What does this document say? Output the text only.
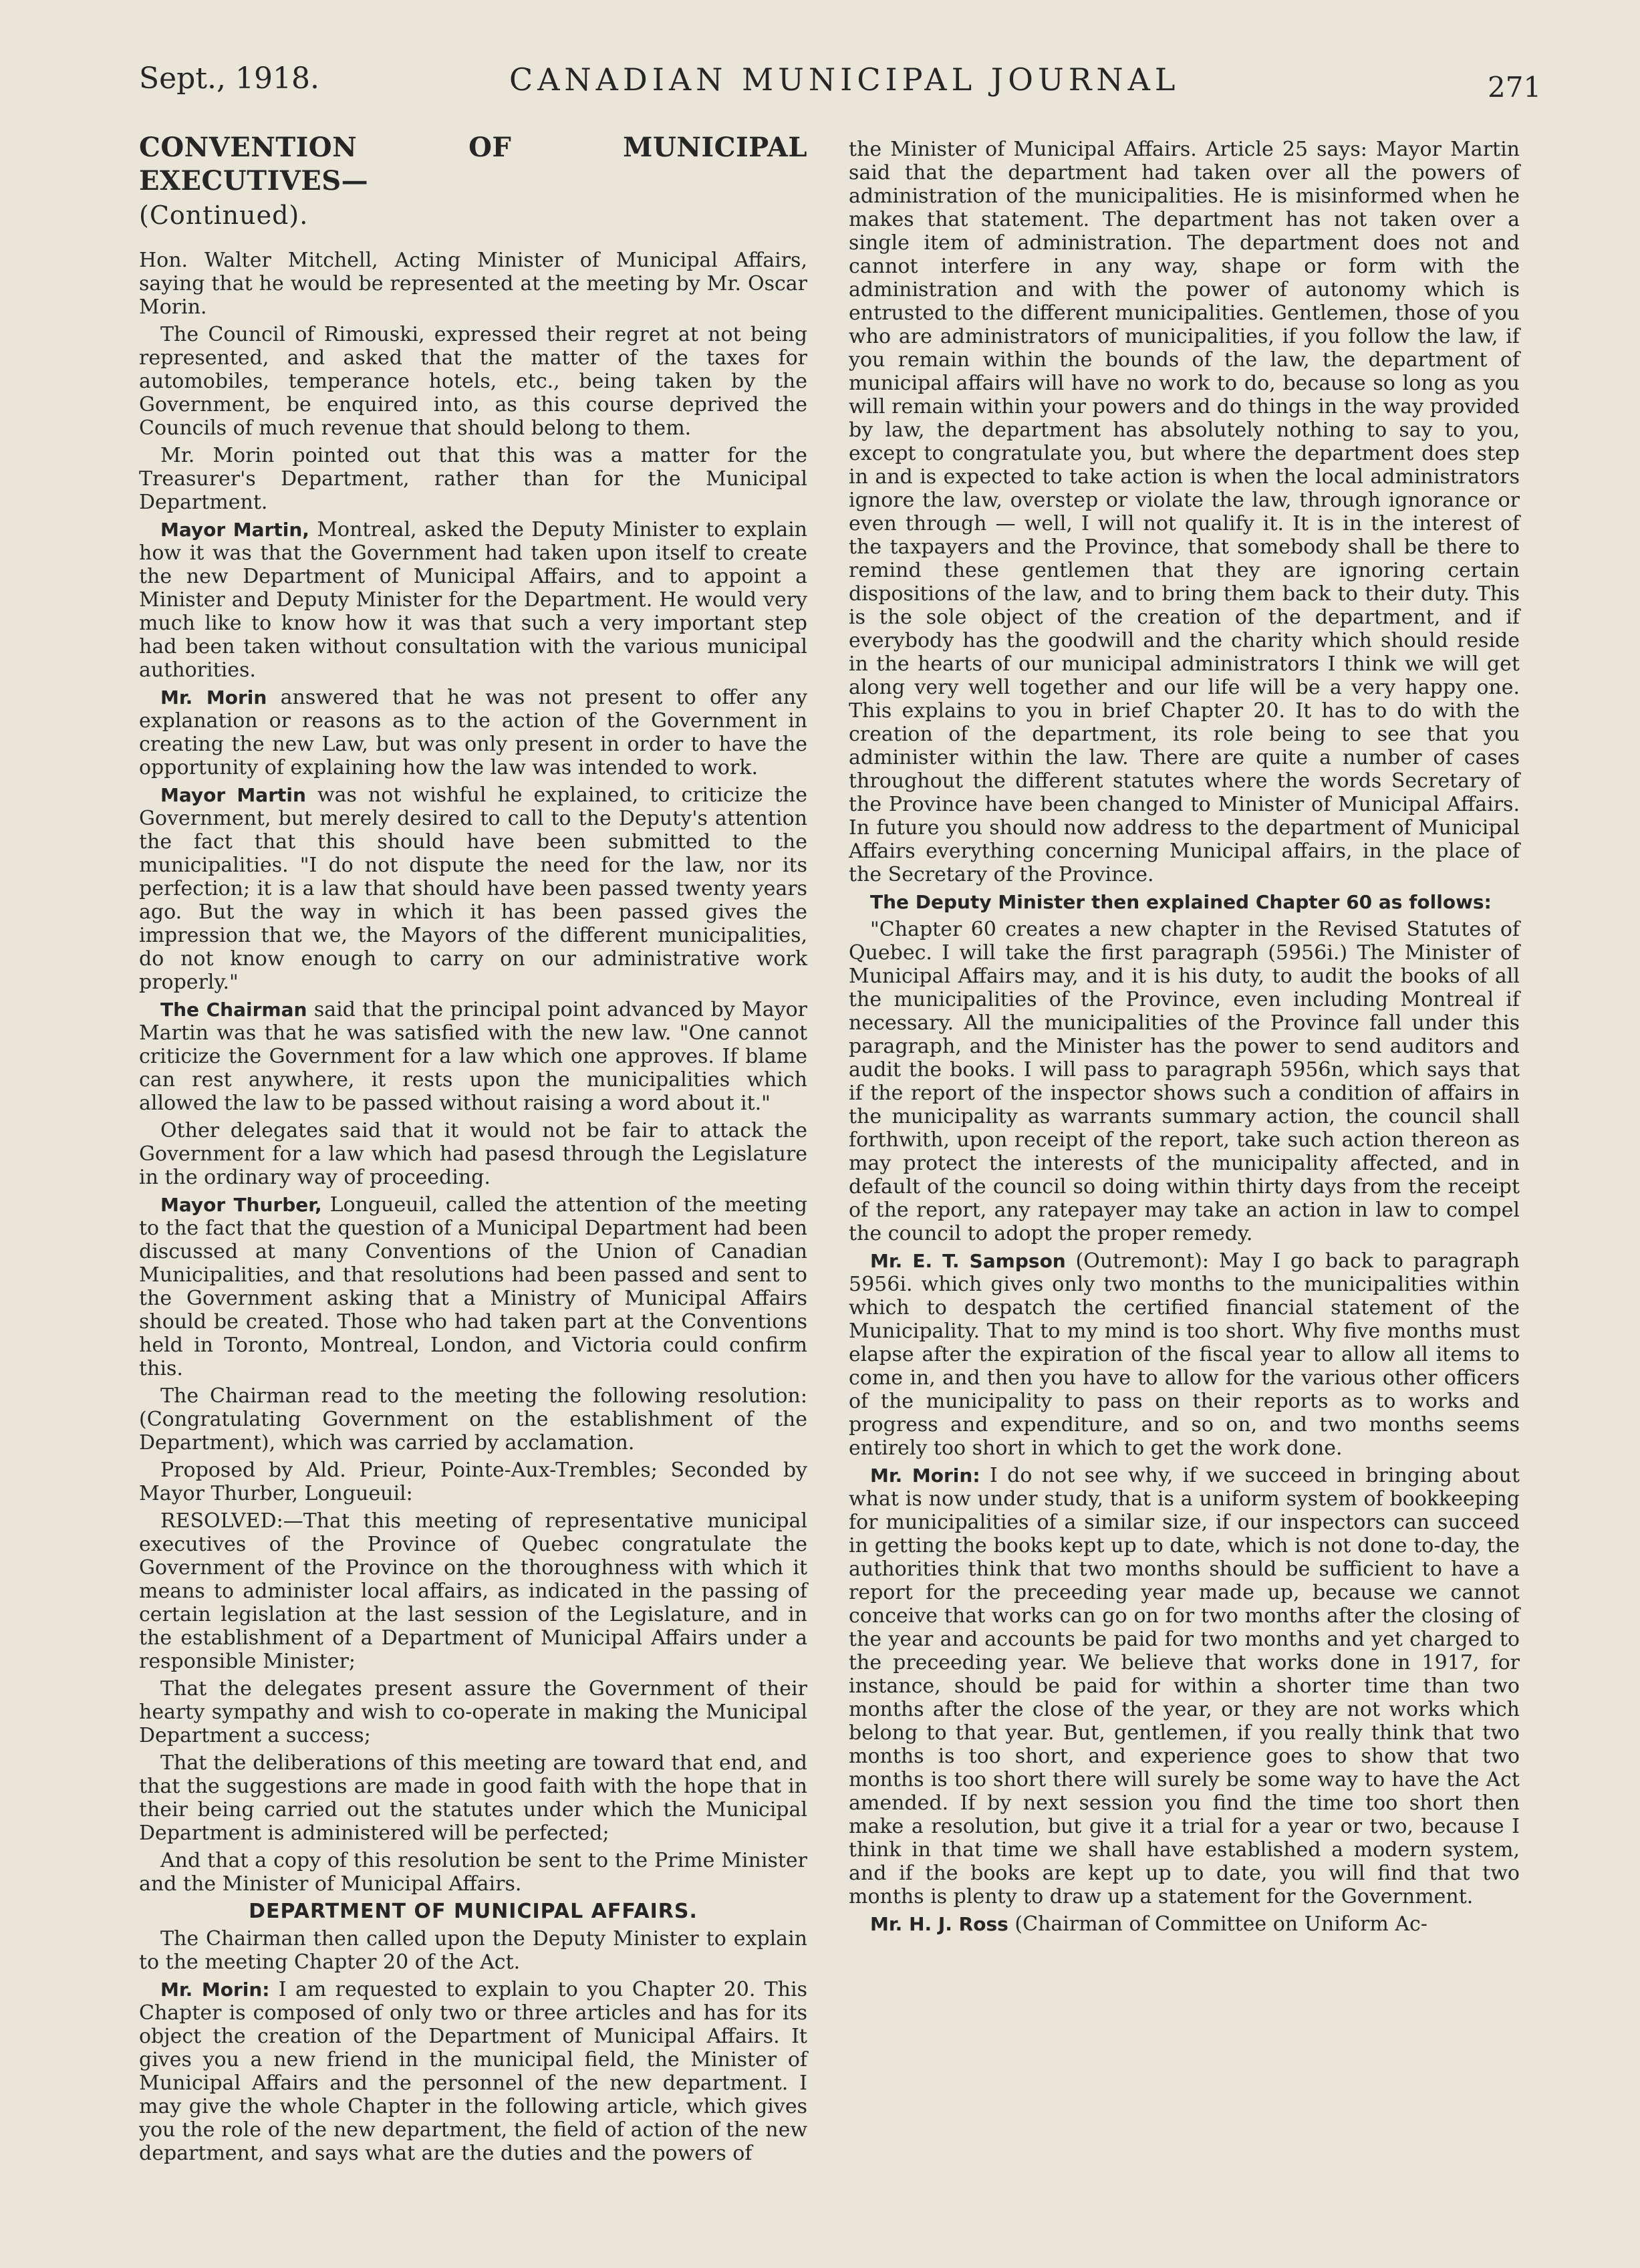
Sept., 1918.	CANADIAN MUNICIPAL JOURNAL	271
CONVENTION OF MUNICIPAL EXECUTIVES—
(Continued).

Hon. Walter Mitchell, Acting Minister of Municipal Affairs, saying that he would be represented at the meeting by Mr. Oscar Morin.

The Council of Rimouski, expressed their regret at not being represented, and asked that the matter of the taxes for automobiles, temperance hotels, etc., being taken by the Government, be enquired into, as this course deprived the Councils of much revenue that should belong to them.

Mr. Morin pointed out that this was a matter for the Treasurer's Department, rather than for the Municipal Department.

Mayor Martin, Montreal, asked the Deputy Minister to explain how it was that the Government had taken upon itself to create the new Department of Municipal Affairs, and to appoint a Minister and Deputy Minister for the Department. He would very much like to know how it was that such a very important step had been taken without consultation with the various municipal authorities.

Mr. Morin answered that he was not present to offer any explanation or reasons as to the action of the Government in creating the new Law, but was only present in order to have the opportunity of explaining how the law was intended to work.

Mayor Martin was not wishful he explained, to criticize the Government, but merely desired to call to the Deputy's attention the fact that this should have been submitted to the municipalities. "I do not dispute the need for the law, nor its perfection; it is a law that should have been passed twenty years ago. But the way in which it has been passed gives the impression that we, the Mayors of the different municipalities, do not know enough to carry on our administrative work properly."

The Chairman said that the principal point advanced by Mayor Martin was that he was satisfied with the new law. "One cannot criticize the Government for a law which one approves. If blame can rest anywhere, it rests upon the municipalities which allowed the law to be passed without raising a word about it."

Other delegates said that it would not be fair to attack the Government for a law which had pasesd through the Legislature in the ordinary way of proceeding.

Mayor Thurber, Longueuil, called the attention of the meeting to the fact that the question of a Municipal Department had been discussed at many Conventions of the Union of Canadian Municipalities, and that resolutions had been passed and sent to the Government asking that a Ministry of Municipal Affairs should be created. Those who had taken part at the Conventions held in Toronto, Montreal, London, and Victoria could confirm this.

The Chairman read to the meeting the following resolution: (Congratulating Government on the establishment of the Department), which was carried by acclamation.

Proposed by Ald. Prieur, Pointe-Aux-Trembles; Seconded by Mayor Thurber, Longueuil:

RESOLVED:—That this meeting of representative municipal executives of the Province of Quebec congratulate the Government of the Province on the thoroughness with which it means to administer local affairs, as indicated in the passing of certain legislation at the last session of the Legislature, and in the establishment of a Department of Municipal Affairs under a responsible Minister;

That the delegates present assure the Government of their hearty sympathy and wish to co-operate in making the Municipal Department a success;

That the deliberations of this meeting are toward that end, and that the suggestions are made in good faith with the hope that in their being carried out the statutes under which the Municipal Department is administered will be perfected;

And that a copy of this resolution be sent to the Prime Minister and the Minister of Municipal Affairs.

DEPARTMENT OF MUNICIPAL AFFAIRS.

The Chairman then called upon the Deputy Minister to explain to the meeting Chapter 20 of the Act.

Mr. Morin: I am requested to explain to you Chapter 20. This Chapter is composed of only two or three articles and has for its object the creation of the Department of Municipal Affairs. It gives you a new friend in the municipal field, the Minister of Municipal Affairs and the personnel of the new department. I may give the whole Chapter in the following article, which gives you the role of the new department, the field of action of the new department, and says what are the duties and the powers of

the Minister of Municipal Affairs. Article 25 says: Mayor Martin said that the department had taken over all the powers of administration of the municipalities. He is misinformed when he makes that statement. The department has not taken over a single item of administration. The department does not and cannot interfere in any way, shape or form with the administration and with the power of autonomy which is entrusted to the different municipalities. Gentlemen, those of you who are administrators of municipalities, if you follow the law, if you remain within the bounds of the law, the department of municipal affairs will have no work to do, because so long as you will remain within your powers and do things in the way provided by law, the department has absolutely nothing to say to you, except to congratulate you, but where the department does step in and is expected to take action is when the local administrators ignore the law, overstep or violate the law, through ignorance or even through — well, I will not qualify it. It is in the interest of the taxpayers and the Province, that somebody shall be there to remind these gentlemen that they are ignoring certain dispositions of the law, and to bring them back to their duty. This is the sole object of the creation of the department, and if everybody has the goodwill and the charity which should reside in the hearts of our municipal administrators I think we will get along very well together and our life will be a very happy one. This explains to you in brief Chapter 20. It has to do with the creation of the department, its role being to see that you administer within the law. There are quite a number of cases throughout the different statutes where the words Secretary of the Province have been changed to Minister of Municipal Affairs. In future you should now address to the department of Municipal Affairs everything concerning Municipal affairs, in the place of the Secretary of the Province.

The Deputy Minister then explained Chapter 60 as follows:

"Chapter 60 creates a new chapter in the Revised Statutes of Quebec. I will take the first paragraph (5956i.) The Minister of Municipal Affairs may, and it is his duty, to audit the books of all the municipalities of the Province, even including Montreal if necessary. All the municipalities of the Province fall under this paragraph, and the Minister has the power to send auditors and audit the books. I will pass to paragraph 5956n, which says that if the report of the inspector shows such a condition of affairs in the municipality as warrants summary action, the council shall forthwith, upon receipt of the report, take such action thereon as may protect the interests of the municipality affected, and in default of the council so doing within thirty days from the receipt of the report, any ratepayer may take an action in law to compel the council to adopt the proper remedy.

Mr. E. T. Sampson (Outremont): May I go back to paragraph 5956i. which gives only two months to the municipalities within which to despatch the certified financial statement of the Municipality. That to my mind is too short. Why five months must elapse after the expiration of the fiscal year to allow all items to come in, and then you have to allow for the various other officers of the municipality to pass on their reports as to works and progress and expenditure, and so on, and two months seems entirely too short in which to get the work done.

Mr. Morin: I do not see why, if we succeed in bringing about what is now under study, that is a uniform system of bookkeeping for municipalities of a similar size, if our inspectors can succeed in getting the books kept up to date, which is not done to-day, the authorities think that two months should be sufficient to have a report for the preceeding year made up, because we cannot conceive that works can go on for two months after the closing of the year and accounts be paid for two months and yet charged to the preceeding year. We believe that works done in 1917, for instance, should be paid for within a shorter time than two months after the close of the year, or they are not works which belong to that year. But, gentlemen, if you really think that two months is too short, and experience goes to show that two months is too short there will surely be some way to have the Act amended. If by next session you find the time too short then make a resolution, but give it a trial for a year or two, because I think in that time we shall have established a modern system, and if the books are kept up to date, you will find that two months is plenty to draw up a statement for the Government.

Mr. H. J. Ross (Chairman of Committee on Uniform Ac-
